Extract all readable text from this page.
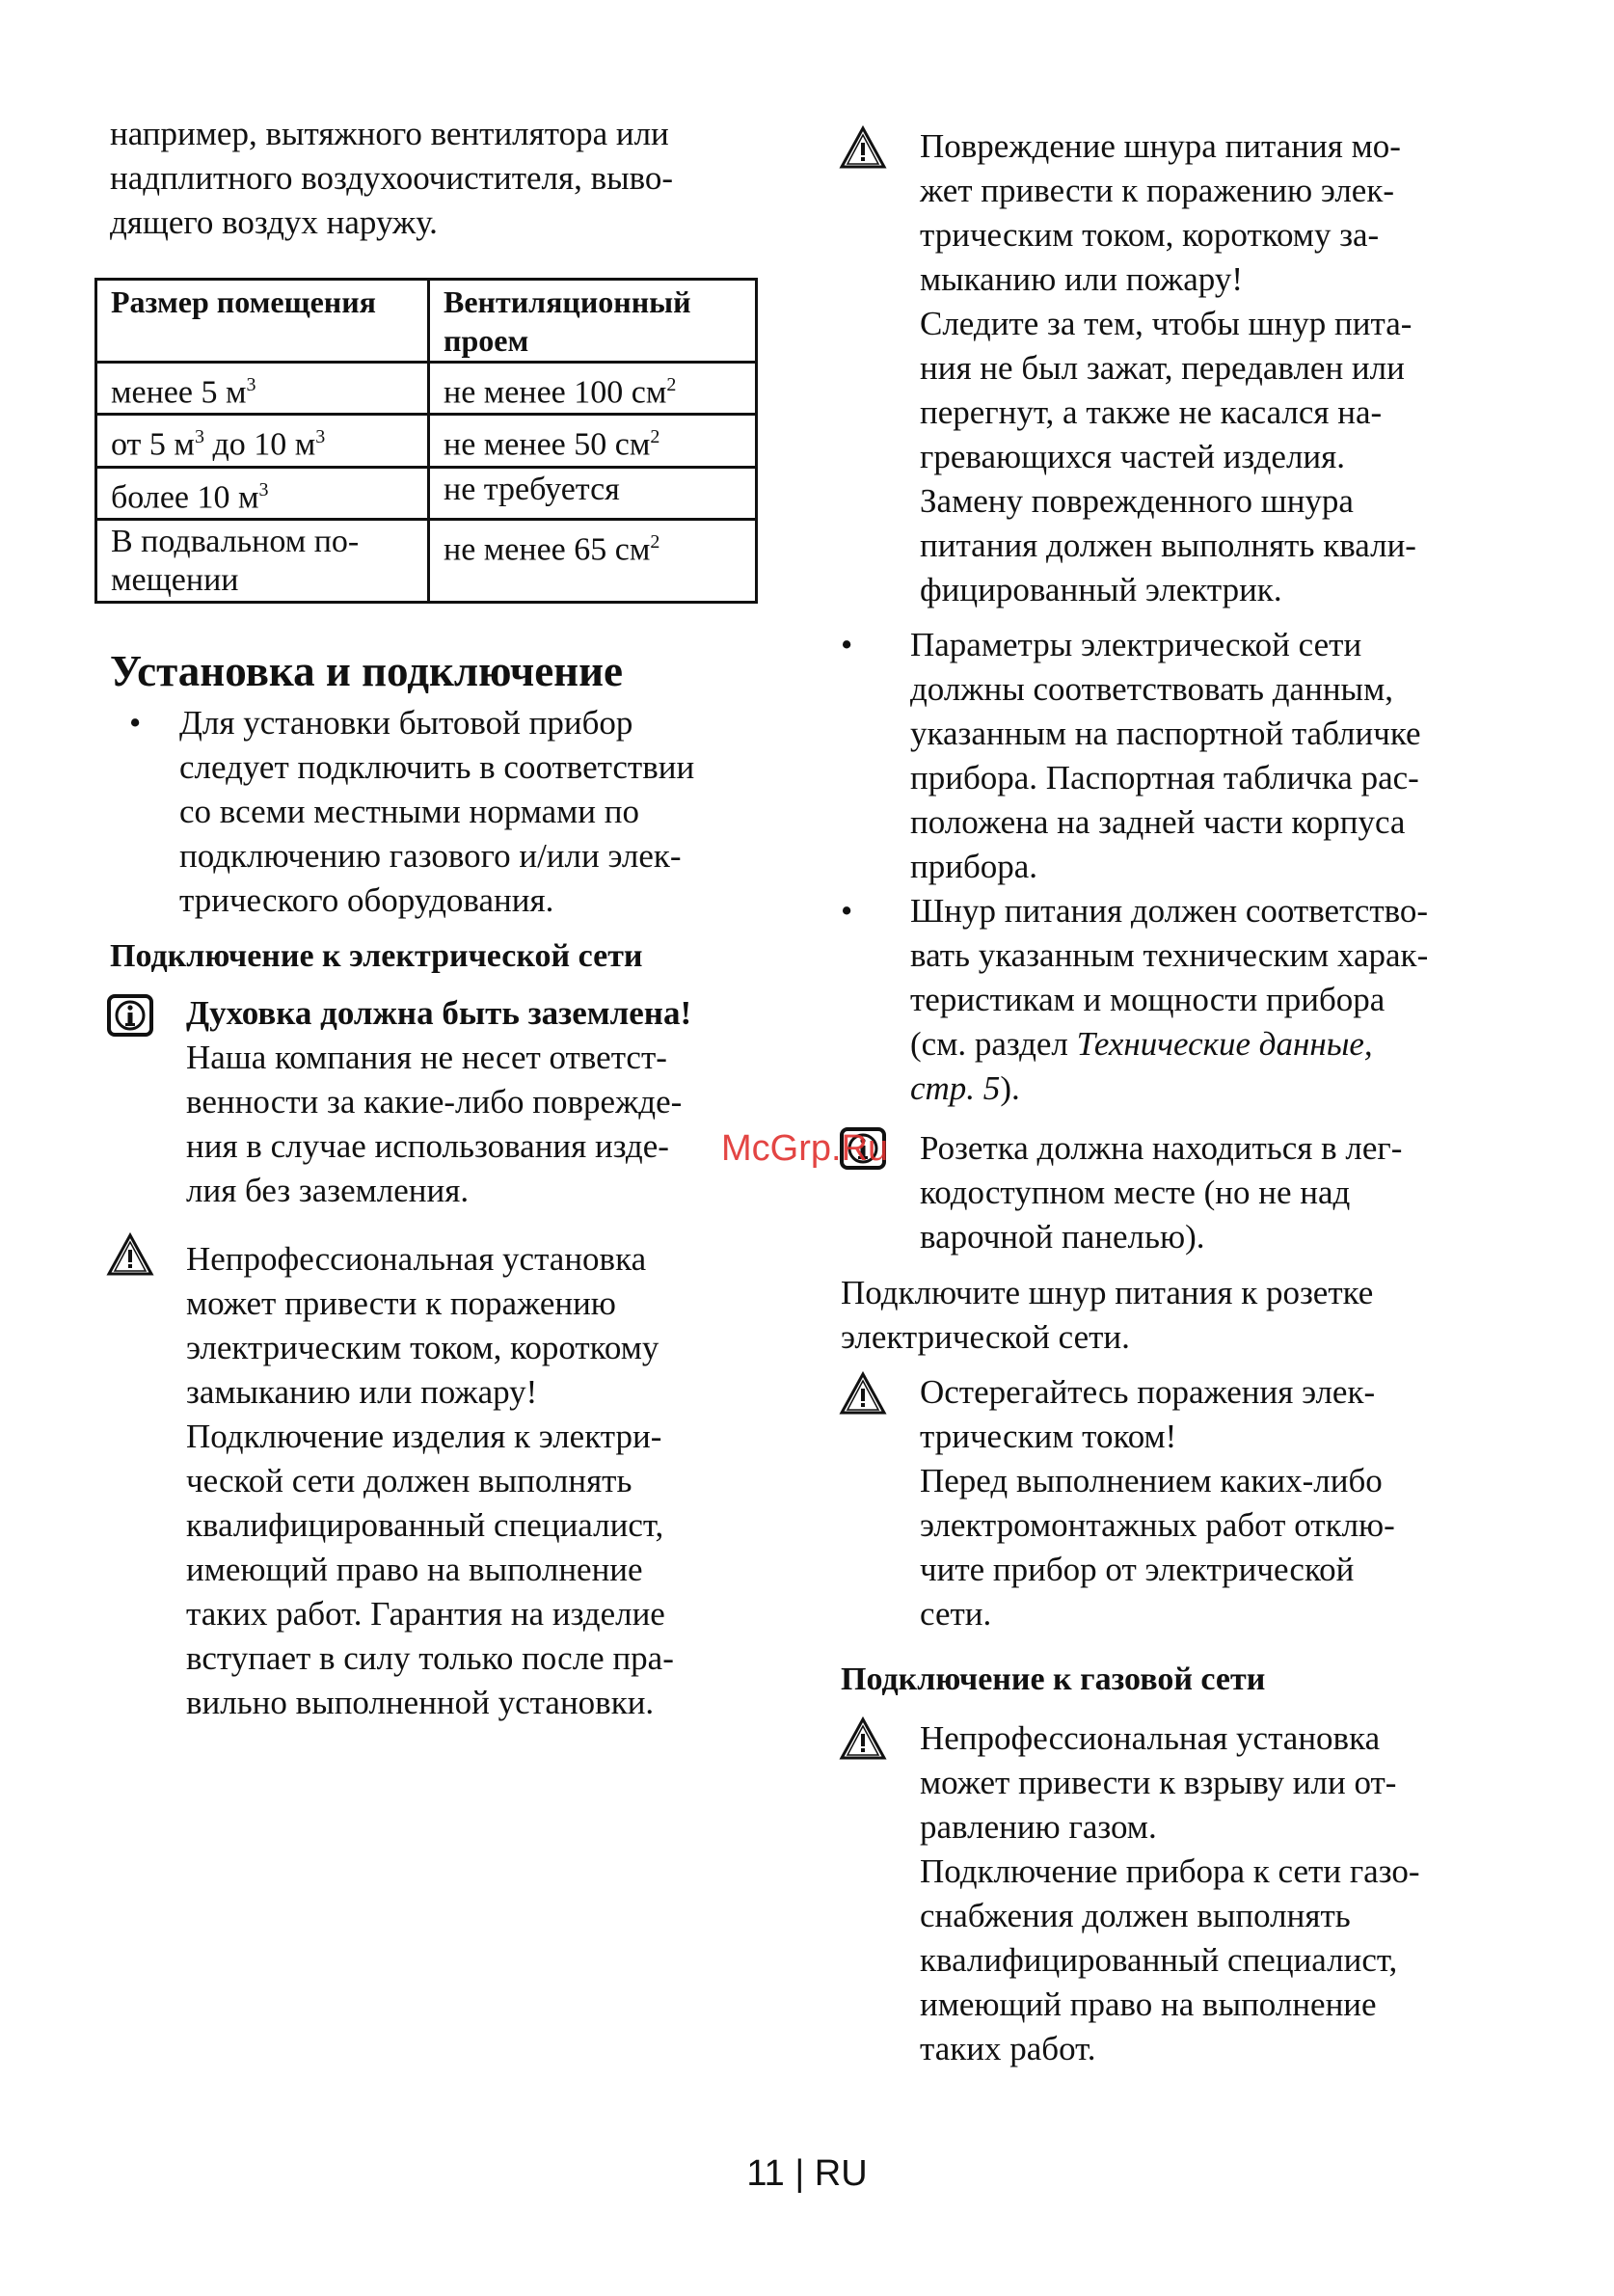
например, вытяжного вентилятора или
надплитного воздухоочистителя, выво-
дящего воздух наружу.
Размер помещения	Вентиляционный проем
менее 5 $м^3$	не менее 100 $см^2$
от 5 $м^3$ до 10 $м^3$	не менее 50 $см^2$
более 10 $м^3$	не требуется

В подвальном по-
мещении	не менее 65 $см^2$
Установка и подключение
• Для установки бытовой прибор
следует подключить в соответствии
со всеми местными нормами по
подключению газового и/или элек-
трического оборудования.
Подключение к электрической сети
Духовка должна быть заземлена!
Наша компания не несет ответст-
венности за какие-либо поврежде-
ния в случае использования изде-
лия без заземления.
Непрофессиональная установка
может привести к поражению
электрическим током, короткому
замыканию или пожару!
Подключение изделия к электри-
ческой сети должен выполнять
квалифицированный специалист,
имеющий право на выполнение
таких работ. Гарантия на изделие
вступает в силу только после пра-
вильно выполненной установки.
Повреждение шнура питания мо-
жет привести к поражению элек-
трическим током, короткому за-
мыканию или пожару!
Следите за тем, чтобы шнур пита-
ния не был зажат, передавлен или
перегнут, а также не касался на-
гревающихся частей изделия.
Замену поврежденного шнура
питания должен выполнять квали-
фицированный электрик.
• Параметры электрической сети
должны соответствовать данным,
указанным на паспортной табличке
прибора. Паспортная табличка рас-
положена на задней части корпуса
прибора.
• Шнур питания должен соответство-
вать указанным техническим харак-
теристикам и мощности прибора
(см. раздел Технические данные,
стр. 5).
Розетка должна находиться в лег-
кодоступном месте (но не над
варочной панелью).
Подключите шнур питания к розетке
электрической сети.
Остерегайтесь поражения элек-
трическим током!
Перед выполнением каких-либо
электромонтажных работ отклю-
чите прибор от электрической
сети.
Подключение к газовой сети
Непрофессиональная установка
может привести к взрыву или от-
равлению газом.
Подключение прибора к сети газо-
снабжения должен выполнять
квалифицированный специалист,
имеющий право на выполнение
таких работ.
McGrp.Ru
11 | RU
